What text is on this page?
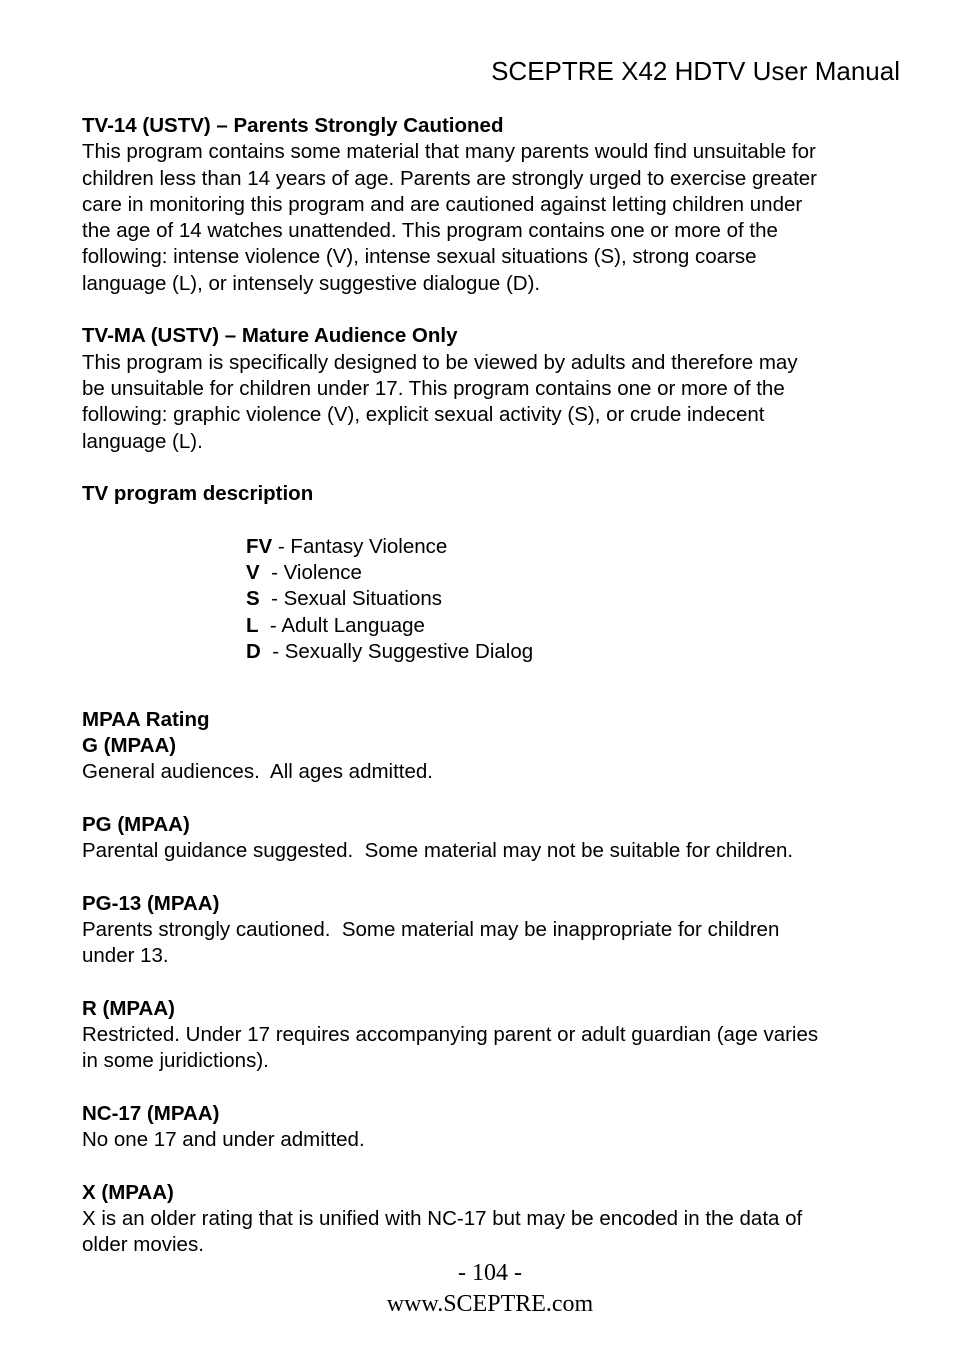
SCEPTRE X42 HDTV User Manual
TV-14 (USTV) – Parents Strongly Cautioned
This program contains some material that many parents would find unsuitable for
children less than 14 years of age. Parents are strongly urged to exercise greater
care in monitoring this program and are cautioned against letting children under
the age of 14 watches unattended. This program contains one or more of the
following: intense violence (V), intense sexual situations (S), strong coarse
language (L), or intensely suggestive dialogue (D).
TV-MA (USTV) – Mature Audience Only
This program is specifically designed to be viewed by adults and therefore may
be unsuitable for children under 17. This program contains one or more of the
following: graphic violence (V), explicit sexual activity (S), or crude indecent
language (L).
TV program description
FV - Fantasy Violence
V  - Violence
S  - Sexual Situations
L  - Adult Language
D  - Sexually Suggestive Dialog
MPAA Rating
G (MPAA)
General audiences.  All ages admitted.
PG (MPAA)
Parental guidance suggested.  Some material may not be suitable for children.
PG-13 (MPAA)
Parents strongly cautioned.  Some material may be inappropriate for children
under 13.
R (MPAA)
Restricted. Under 17 requires accompanying parent or adult guardian (age varies
in some juridictions).
NC-17 (MPAA)
No one 17 and under admitted.
X (MPAA)
X is an older rating that is unified with NC-17 but may be encoded in the data of
older movies.
- 104 -
www.SCEPTRE.com
